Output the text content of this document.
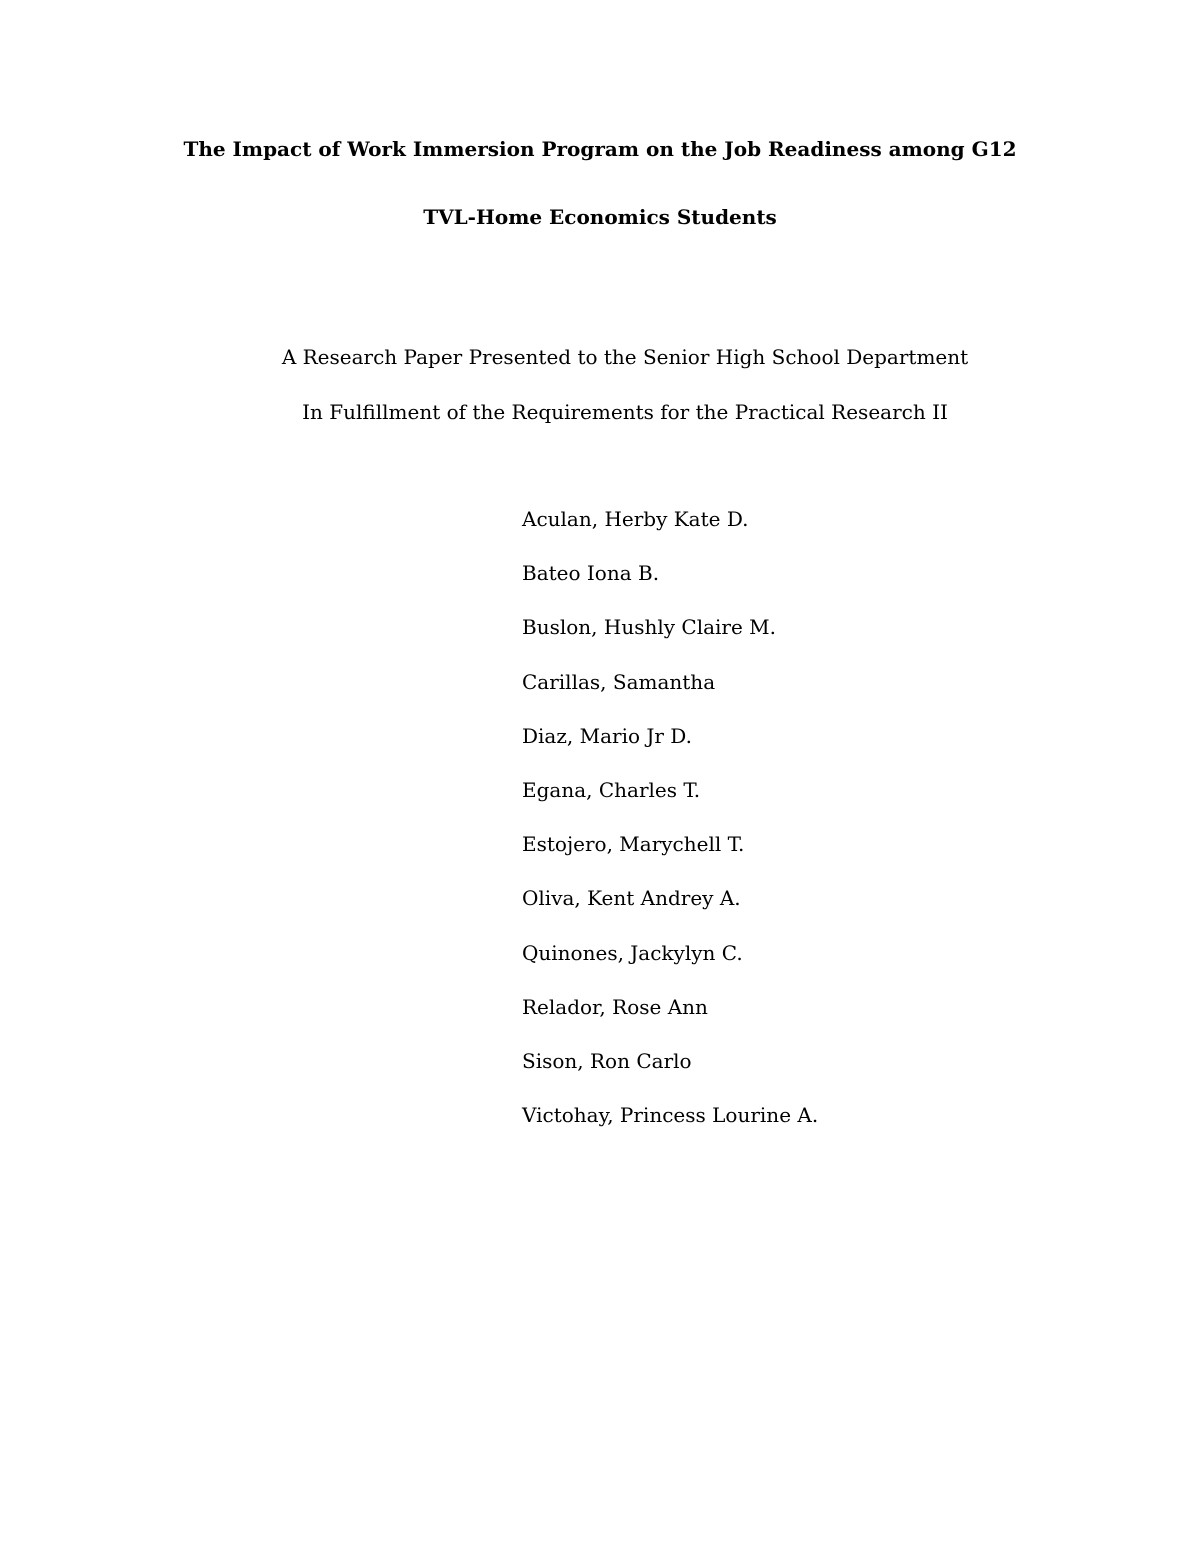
The Impact of Work Immersion Program on the Job Readiness among G12
TVL-Home Economics Students
A Research Paper Presented to the Senior High School Department
In Fulfillment of the Requirements for the Practical Research II
Aculan, Herby Kate D.
Bateo Iona B.
Buslon, Hushly Claire M.
Carillas, Samantha
Diaz, Mario Jr D.
Egana, Charles T.
Estojero, Marychell T.
Oliva, Kent Andrey A.
Quinones, Jackylyn C.
Relador, Rose Ann
Sison, Ron Carlo
Victohay, Princess Lourine A.
